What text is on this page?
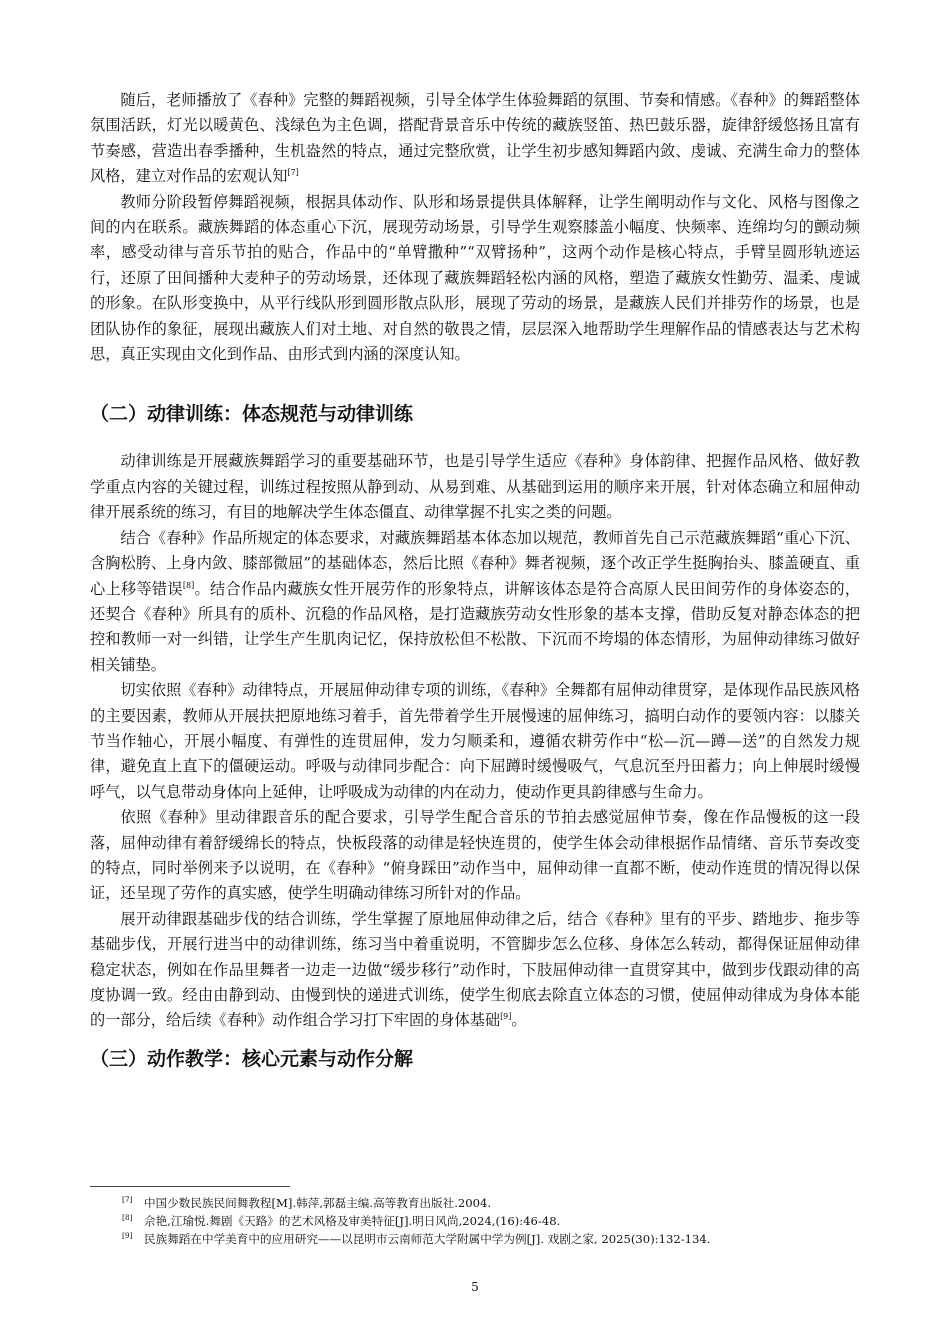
随后，老师播放了《春种》完整的舞蹈视频，引导全体学生体验舞蹈的氛围、节奏和情感。《春种》的舞蹈整体氛围活跃，灯光以暖黄色、浅绿色为主色调，搭配背景音乐中传统的藏族竖笛、热巴鼓乐器，旋律舒缓悠扬且富有节奏感，营造出春季播种，生机盎然的特点，通过完整欣赏，让学生初步感知舞蹈内敛、虔诚、充满生命力的整体风格，建立对作品的宏观认知[7]

教师分阶段暂停舞蹈视频，根据具体动作、队形和场景提供具体解释，让学生阐明动作与文化、风格与图像之间的内在联系。藏族舞蹈的体态重心下沉，展现劳动场景，引导学生观察膝盖小幅度、快频率、连绵均匀的颤动频率，感受动律与音乐节拍的贴合，作品中的“单臂撒种”“双臂扬种”，这两个动作是核心特点，手臂呈圆形轨迹运行，还原了田间播种大麦种子的劳动场景，还体现了藏族舞蹈轻松内涵的风格，塑造了藏族女性勤劳、温柔、虔诚的形象。在队形变换中，从平行线队形到圆形散点队形，展现了劳动的场景，是藏族人民们并排劳作的场景，也是团队协作的象征，展现出藏族人们对土地、对自然的敬畏之情，层层深入地帮助学生理解作品的情感表达与艺术构思，真正实现由文化到作品、由形式到内涵的深度认知。

（二）动律训练：体态规范与动律训练

动律训练是开展藏族舞蹈学习的重要基础环节，也是引导学生适应《春种》身体韵律、把握作品风格、做好教学重点内容的关键过程，训练过程按照从静到动、从易到难、从基础到运用的顺序来开展，针对体态确立和屈伸动律开展系统的练习，有目的地解决学生体态僵直、动律掌握不扎实之类的问题。

结合《春种》作品所规定的体态要求，对藏族舞蹈基本体态加以规范，教师首先自己示范藏族舞蹈“重心下沉、含胸松胯、上身内敛、膝部微屈”的基础体态，然后比照《春种》舞者视频，逐个改正学生挺胸抬头、膝盖硬直、重心上移等错误[8]。结合作品内藏族女性开展劳作的形象特点，讲解该体态是符合高原人民田间劳作的身体姿态的，还契合《春种》所具有的质朴、沉稳的作品风格，是打造藏族劳动女性形象的基本支撑，借助反复对静态体态的把控和教师一对一纠错，让学生产生肌肉记忆，保持放松但不松散、下沉而不垮塌的体态情形，为屈伸动律练习做好相关铺垫。

切实依照《春种》动律特点，开展屈伸动律专项的训练，《春种》全舞都有屈伸动律贯穿，是体现作品民族风格的主要因素，教师从开展扶把原地练习着手，首先带着学生开展慢速的屈伸练习，搞明白动作的要领内容：以膝关节当作轴心，开展小幅度、有弹性的连贯屈伸，发力匀顺柔和，遵循农耕劳作中“松—沉—蹲—送”的自然发力规律，避免直上直下的僵硬运动。呼吸与动律同步配合：向下屈蹲时缓慢吸气，气息沉至丹田蓄力；向上伸展时缓慢呼气，以气息带动身体向上延伸，让呼吸成为动律的内在动力，使动作更具韵律感与生命力。

依照《春种》里动律跟音乐的配合要求，引导学生配合音乐的节拍去感觉屈伸节奏，像在作品慢板的这一段落，屈伸动律有着舒缓绵长的特点，快板段落的动律是轻快连贯的，使学生体会动律根据作品情绪、音乐节奏改变的特点，同时举例来予以说明，在《春种》“俯身踩田”动作当中，屈伸动律一直都不断，使动作连贯的情况得以保证，还呈现了劳作的真实感，使学生明确动律练习所针对的作品。

展开动律跟基础步伐的结合训练，学生掌握了原地屈伸动律之后，结合《春种》里有的平步、踏地步、拖步等基础步伐，开展行进当中的动律训练，练习当中着重说明，不管脚步怎么位移、身体怎么转动，都得保证屈伸动律稳定状态，例如在作品里舞者一边走一边做“缓步移行”动作时，下肢屈伸动律一直贯穿其中，做到步伐跟动律的高度协调一致。经由由静到动、由慢到快的递进式训练，使学生彻底去除直立体态的习惯，使屈伸动律成为身体本能的一部分，给后续《春种》动作组合学习打下牢固的身体基础[9]。

（三）动作教学：核心元素与动作分解
[7] 中国少数民族民间舞教程[M].韩萍,郭磊主编.高等教育出版社.2004.
[8] 佘艳,江瑜悦.舞剧《天路》的艺术风格及审美特征[J].明日风尚,2024,(16):46-48.
[9] 民族舞蹈在中学美育中的应用研究——以昆明市云南师范大学附属中学为例[J]. 戏剧之家, 2025(30):132-134.
5
